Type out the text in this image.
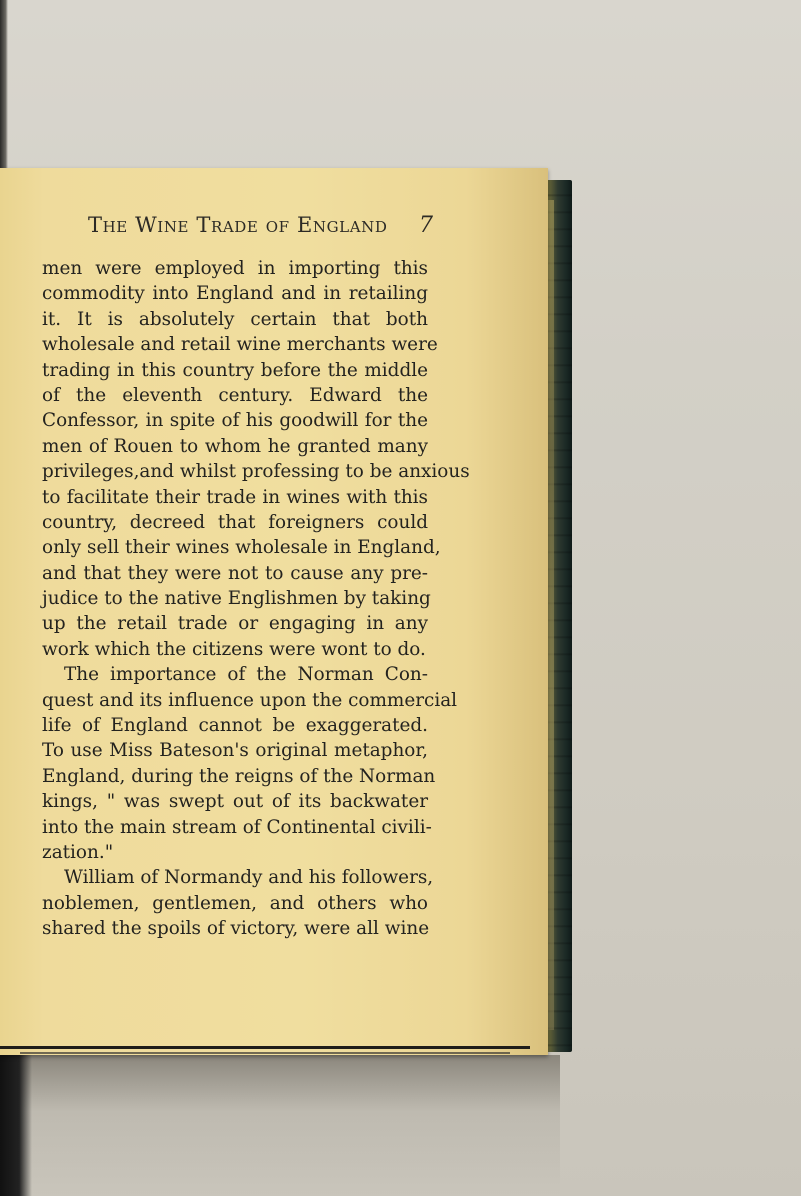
The Wine Trade of England 7
men were employed in importing this
commodity into England and in retailing
it. It is absolutely certain that both
wholesale and retail wine merchants were
trading in this country before the middle
of the eleventh century. Edward the
Confessor, in spite of his goodwill for the
men of Rouen to whom he granted many
privileges,and whilst professing to be anxious
to facilitate their trade in wines with this
country, decreed that foreigners could
only sell their wines wholesale in England,
and that they were not to cause any pre-
judice to the native Englishmen by taking
up the retail trade or engaging in any
work which the citizens were wont to do.
The importance of the Norman Con-
quest and its influence upon the commercial
life of England cannot be exaggerated.
To use Miss Bateson's original metaphor,
England, during the reigns of the Norman
kings, " was swept out of its backwater
into the main stream of Continental civili-
zation."
William of Normandy and his followers,
noblemen, gentlemen, and others who
shared the spoils of victory, were all wine
